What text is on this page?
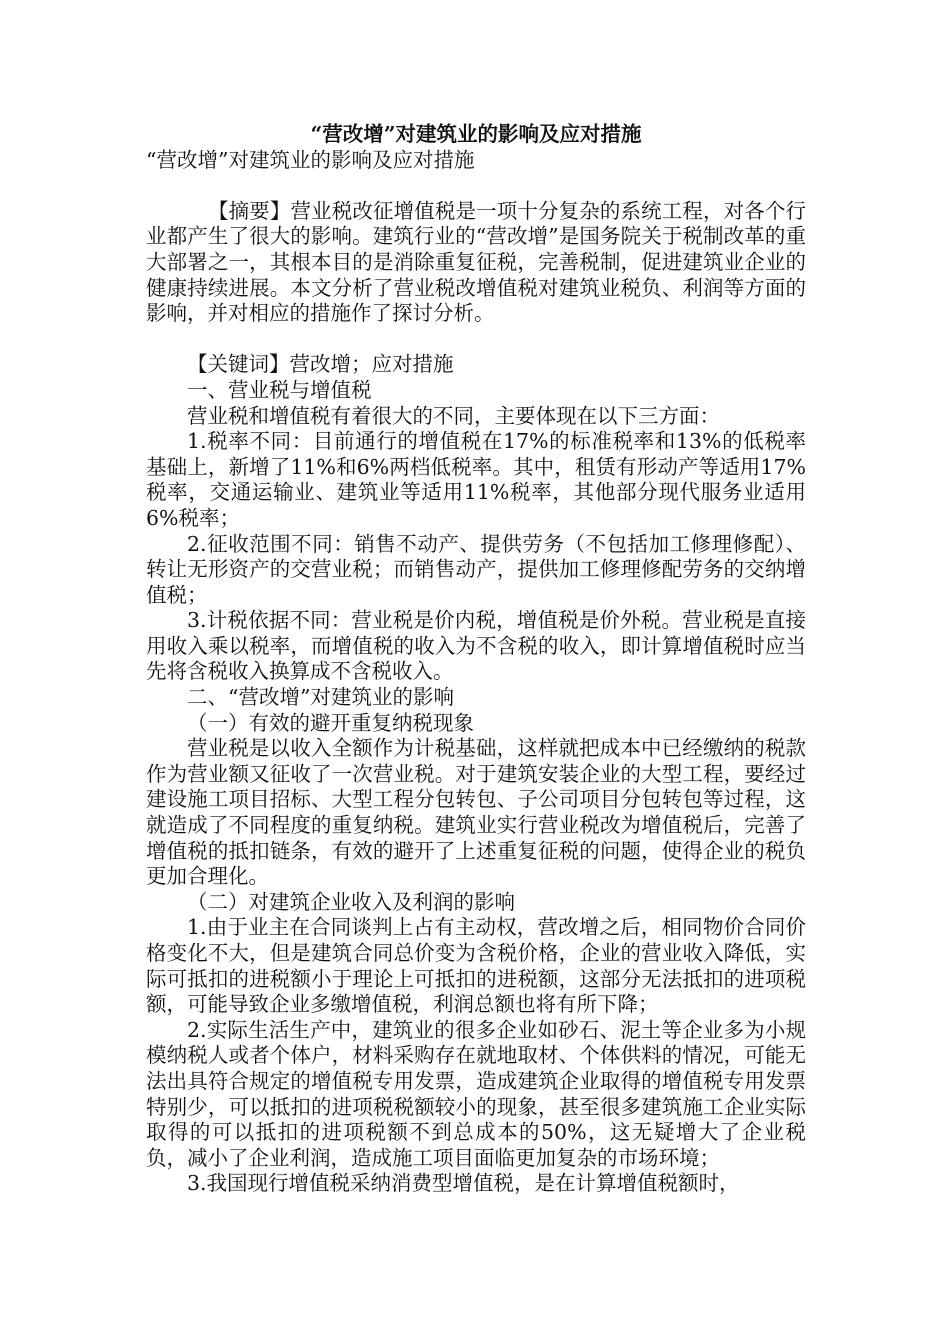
“营改增”对建筑业的影响及应对措施

“营改增”对建筑业的影响及应对措施

【摘要】营业税改征增值税是一项十分复杂的系统工程，对各个行业都产生了很大的影响。建筑行业的“营改增”是国务院关于税制改革的重大部署之一，其根本目的是消除重复征税，完善税制，促进建筑业企业的健康持续进展。本文分析了营业税改增值税对建筑业税负、利润等方面的影响，并对相应的措施作了探讨分析。

【关键词】营改增；应对措施

一、营业税与增值税

营业税和增值税有着很大的不同，主要体现在以下三方面：

1.税率不同：目前通行的增值税在17%的标准税率和13%的低税率基础上，新增了11%和6%两档低税率。其中，租赁有形动产等适用17%税率，交通运输业、建筑业等适用11%税率，其他部分现代服务业适用6%税率；

2.征收范围不同：销售不动产、提供劳务（不包括加工修理修配）、转让无形资产的交营业税；而销售动产，提供加工修理修配劳务的交纳增值税；

3.计税依据不同：营业税是价内税，增值税是价外税。营业税是直接用收入乘以税率，而增值税的收入为不含税的收入，即计算增值税时应当先将含税收入换算成不含税收入。

二、“营改增”对建筑业的影响

（一）有效的避开重复纳税现象

营业税是以收入全额作为计税基础，这样就把成本中已经缴纳的税款作为营业额又征收了一次营业税。对于建筑安装企业的大型工程，要经过建设施工项目招标、大型工程分包转包、子公司项目分包转包等过程，这就造成了不同程度的重复纳税。建筑业实行营业税改为增值税后，完善了增值税的抵扣链条，有效的避开了上述重复征税的问题，使得企业的税负更加合理化。

（二）对建筑企业收入及利润的影响

1.由于业主在合同谈判上占有主动权，营改增之后，相同物价合同价格变化不大，但是建筑合同总价变为含税价格，企业的营业收入降低，实际可抵扣的进税额小于理论上可抵扣的进税额，这部分无法抵扣的进项税额，可能导致企业多缴增值税，利润总额也将有所下降；

2.实际生活生产中，建筑业的很多企业如砂石、泥土等企业多为小规模纳税人或者个体户，材料采购存在就地取材、个体供料的情况，可能无法出具符合规定的增值税专用发票，造成建筑企业取得的增值税专用发票特别少，可以抵扣的进项税税额较小的现象，甚至很多建筑施工企业实际取得的可以抵扣的进项税额不到总成本的50%，这无疑增大了企业税负，减小了企业利润，造成施工项目面临更加复杂的市场环境；

3.我国现行增值税采纳消费型增值税，是在计算增值税额时，
